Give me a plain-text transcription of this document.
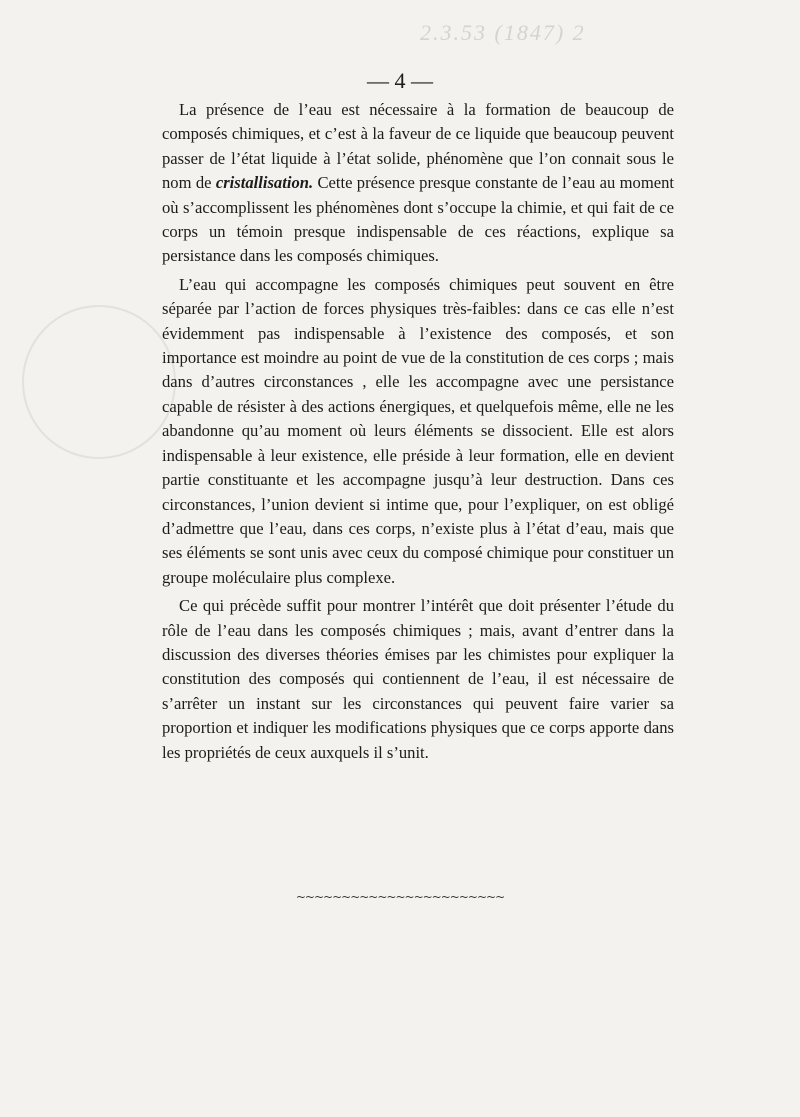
2.3.53 (1847) 2
— 4 —

La présence de l’eau est nécessaire à la formation de beaucoup de composés chimiques, et c’est à la faveur de ce liquide que beaucoup peuvent passer de l’état liquide à l’état solide, phénomène que l’on connait sous le nom de cristallisation. Cette présence presque constante de l’eau au moment où s’accomplissent les phénomènes dont s’occupe la chimie, et qui fait de ce corps un témoin presque indispensable de ces réactions, explique sa persistance dans les composés chimiques.

L’eau qui accompagne les composés chimiques peut souvent en être séparée par l’action de forces physiques très-faibles: dans ce cas elle n’est évidemment pas indispensable à l’existence des composés, et son importance est moindre au point de vue de la constitution de ces corps ; mais dans d’autres circonstances , elle les accompagne avec une persistance capable de résister à des actions énergiques, et quelquefois même, elle ne les abandonne qu’au moment où leurs éléments se dissocient. Elle est alors indispensable à leur existence, elle préside à leur formation, elle en devient partie constituante et les accompagne jusqu’à leur destruction. Dans ces circonstances, l’union devient si intime que, pour l’expliquer, on est obligé d’admettre que l’eau, dans ces corps, n’existe plus à l’état d’eau, mais que ses éléments se sont unis avec ceux du composé chimique pour constituer un groupe moléculaire plus complexe.

Ce qui précède suffit pour montrer l’intérêt que doit présenter l’étude du rôle de l’eau dans les composés chimiques ; mais, avant d’entrer dans la discussion des diverses théories émises par les chimistes pour expliquer la constitution des composés qui contiennent de l’eau, il est nécessaire de s’arrêter un instant sur les circonstances qui peuvent faire varier sa proportion et indiquer les modifications physiques que ce corps apporte dans les propriétés de ceux auxquels il s’unit.

~~~~~~~~~~~~~~~~~~~~~~~
